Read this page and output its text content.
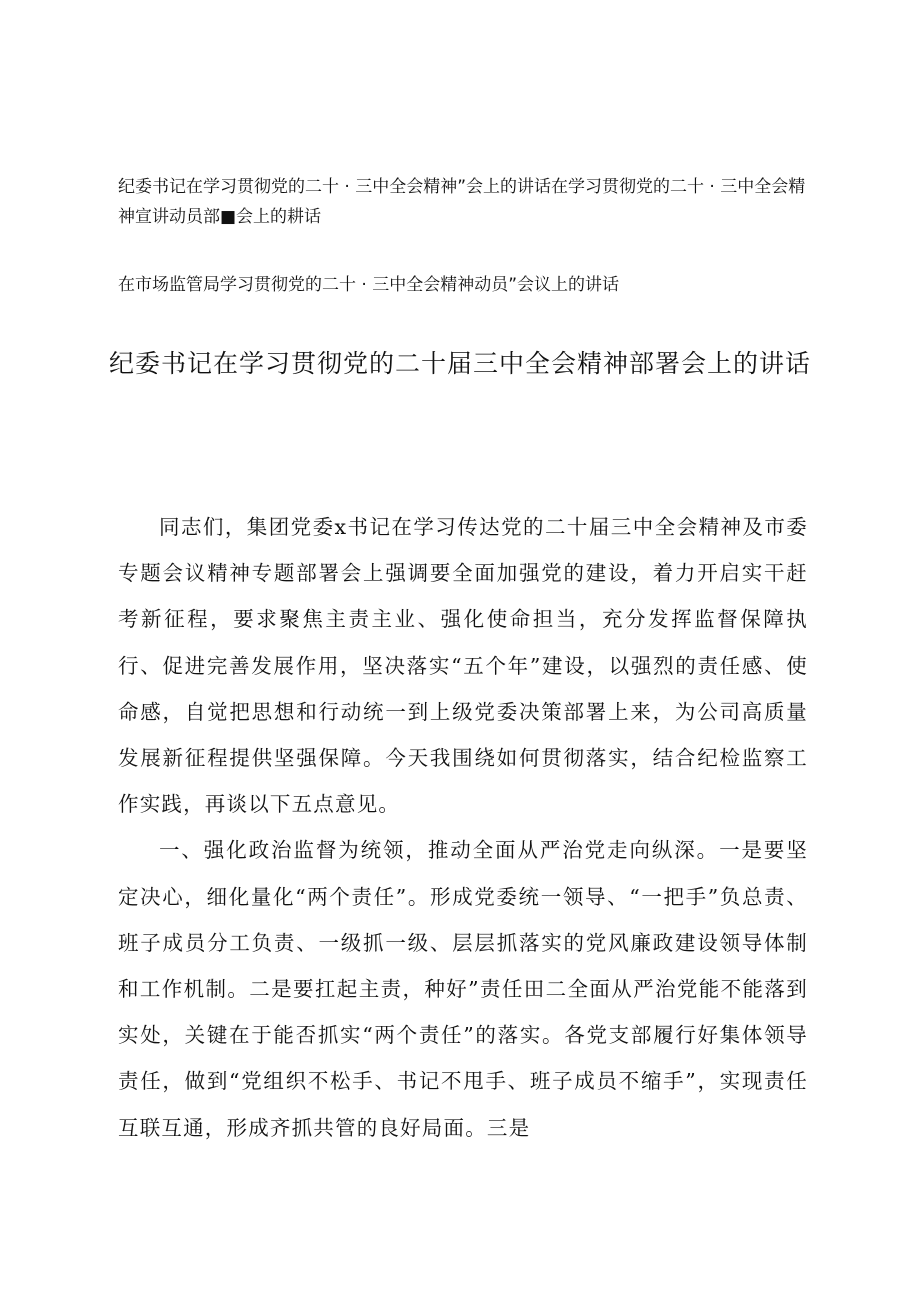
纪委书记在学习贯彻党的二十 · 三中全会精神”会上的讲话在学习贯彻党的二十 · 三中全会精神宣讲动员部■会上的耕话
在市场监管局学习贯彻党的二十 · 三中全会精神动员”会议上的讲话
纪委书记在学习贯彻党的二十届三中全会精神部署会上的讲话

同志们，集团党委x书记在学习传达党的二十届三中全会精神及市委专题会议精神专题部署会上强调要全面加强党的建设，着力开启实干赶考新征程，要求聚焦主责主业、强化使命担当，充分发挥监督保障执行、促进完善发展作用，坚决落实“五个年”建设，以强烈的责任感、使命感，自觉把思想和行动统一到上级党委决策部署上来，为公司高质量发展新征程提供坚强保障。今天我围绕如何贯彻落实，结合纪检监察工作实践，再谈以下五点意见。

一、强化政治监督为统领，推动全面从严治党走向纵深。一是要坚定决心，细化量化“两个责任”。形成党委统一领导、“一把手”负总责、班子成员分工负责、一级抓一级、层层抓落实的党风廉政建设领导体制和工作机制。二是要扛起主责，种好”责任田二全面从严治党能不能落到实处，关键在于能否抓实“两个责任”的落实。各党支部履行好集体领导责任，做到“党组织不松手、书记不甩手、班子成员不缩手”，实现责任互联互通，形成齐抓共管的良好局面。三是
